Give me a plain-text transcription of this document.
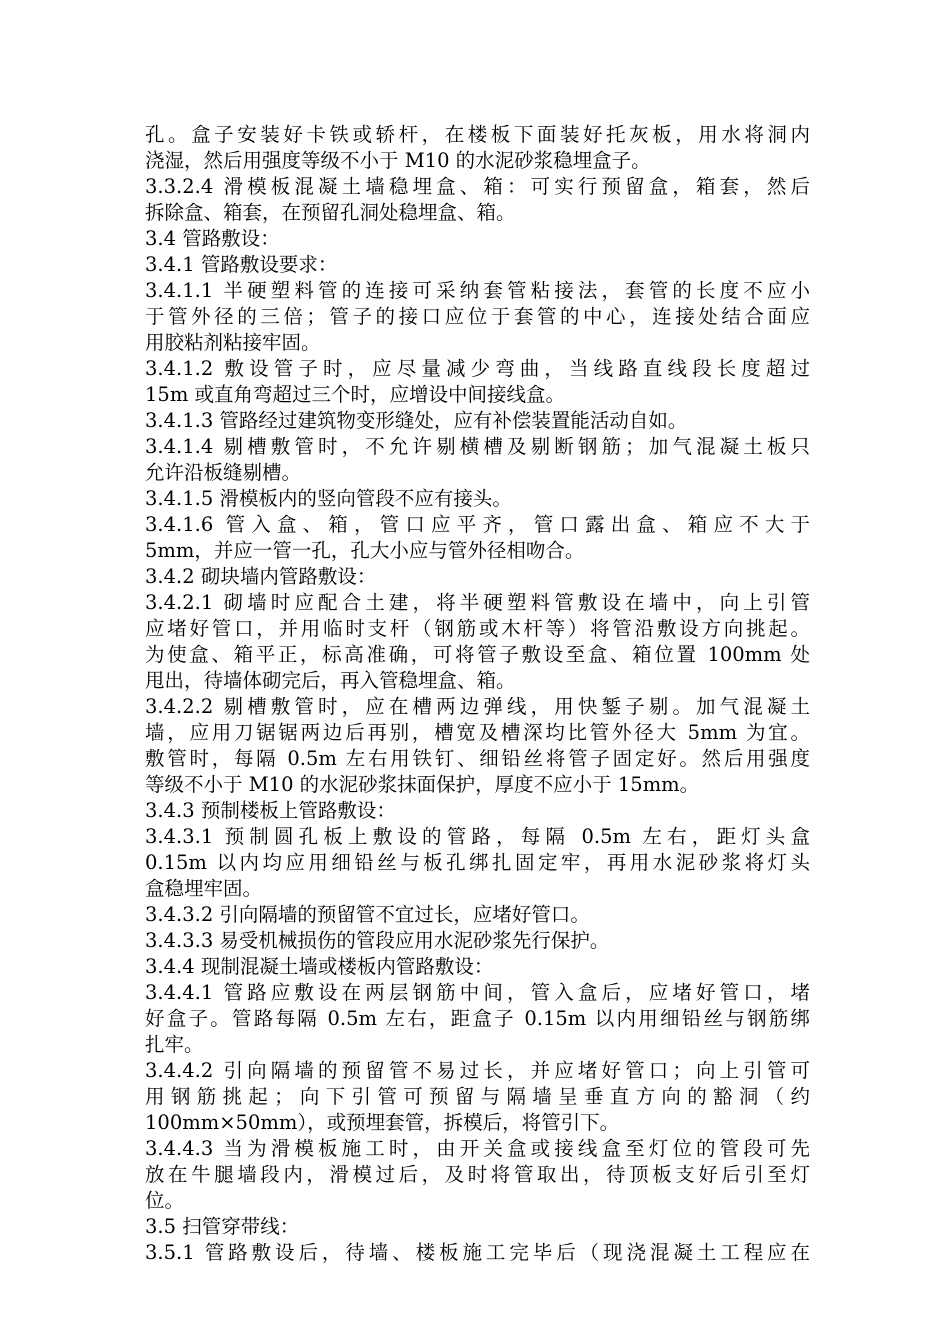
孔。盒子安装好卡铁或轿杆，在楼板下面装好托灰板，用水将洞内
浇湿，然后用强度等级不小于 M10 的水泥砂浆稳埋盒子。
3.3.2.4 滑模板混凝土墙稳埋盒、箱：可实行预留盒，箱套，然后
拆除盒、箱套，在预留孔洞处稳埋盒、箱。
3.4 管路敷设：
3.4.1 管路敷设要求：
3.4.1.1 半硬塑料管的连接可采纳套管粘接法，套管的长度不应小
于管外径的三倍；管子的接口应位于套管的中心，连接处结合面应
用胶粘剂粘接牢固。
3.4.1.2 敷设管子时，应尽量减少弯曲，当线路直线段长度超过
15m 或直角弯超过三个时，应增设中间接线盒。
3.4.1.3 管路经过建筑物变形缝处，应有补偿装置能活动自如。
3.4.1.4 剔槽敷管时，不允许剔横槽及剔断钢筋；加气混凝土板只
允许沿板缝剔槽。
3.4.1.5 滑模板内的竖向管段不应有接头。
3.4.1.6 管入盒、箱，管口应平齐，管口露出盒、箱应不大于
5mm，并应一管一孔，孔大小应与管外径相吻合。
3.4.2 砌块墙内管路敷设：
3.4.2.1 砌墙时应配合土建，将半硬塑料管敷设在墙中，向上引管
应堵好管口，并用临时支杆（钢筋或木杆等）将管沿敷设方向挑起。
为使盒、箱平正，标高准确，可将管子敷设至盒、箱位置 100mm 处
甩出，待墙体砌完后，再入管稳埋盒、箱。
3.4.2.2 剔槽敷管时，应在槽两边弹线，用快錾子剔。加气混凝土
墙，应用刀锯锯两边后再别，槽宽及槽深均比管外径大 5mm 为宜。
敷管时，每隔 0.5m 左右用铁钉、细铅丝将管子固定好。然后用强度
等级不小于 M10 的水泥砂浆抹面保护，厚度不应小于 15mm。
3.4.3 预制楼板上管路敷设：
3.4.3.1 预制圆孔板上敷设的管路，每隔 0.5m 左右，距灯头盒
0.15m 以内均应用细铅丝与板孔绑扎固定牢，再用水泥砂浆将灯头
盒稳埋牢固。
3.4.3.2 引向隔墙的预留管不宜过长，应堵好管口。
3.4.3.3 易受机械损伤的管段应用水泥砂浆先行保护。
3.4.4 现制混凝土墙或楼板内管路敷设：
3.4.4.1 管路应敷设在两层钢筋中间，管入盒后，应堵好管口，堵
好盒子。管路每隔 0.5m 左右，距盒子 0.15m 以内用细铅丝与钢筋绑
扎牢。
3.4.4.2 引向隔墙的预留管不易过长，并应堵好管口；向上引管可
用钢筋挑起；向下引管可预留与隔墙呈垂直方向的豁洞（约
100mm×50mm），或预埋套管，拆模后，将管引下。
3.4.4.3 当为滑模板施工时，由开关盒或接线盒至灯位的管段可先
放在牛腿墙段内，滑模过后，及时将管取出，待顶板支好后引至灯
位。
3.5 扫管穿带线：
3.5.1 管路敷设后，待墙、楼板施工完毕后（现浇混凝土工程应在
